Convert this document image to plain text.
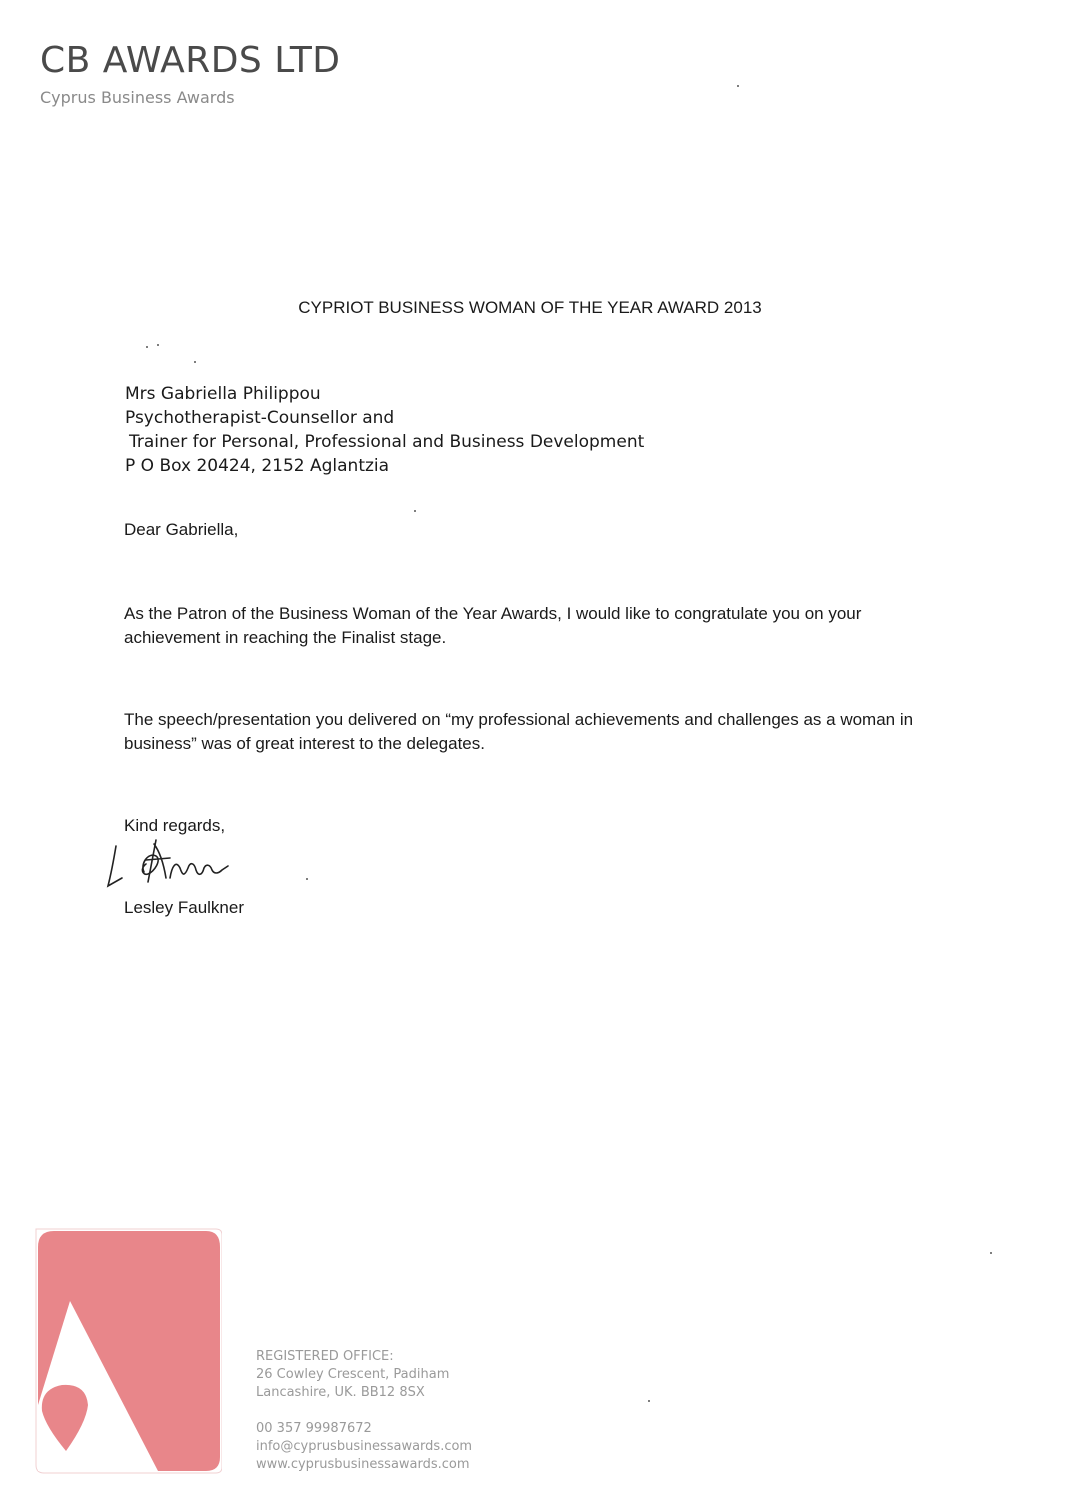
CB AWARDS LTD
Cyprus Business Awards
CYPRIOT BUSINESS WOMAN OF THE YEAR AWARD 2013
Mrs Gabriella Philippou
Psychotherapist-Counsellor and
Trainer for Personal, Professional and Business Development
P O Box 20424, 2152 Aglantzia
Dear Gabriella,
As the Patron of the Business Woman of the Year Awards, I would like to congratulate you on your achievement in reaching the Finalist stage.
The speech/presentation you delivered on “my professional achievements and challenges as a woman in business” was of great interest to the delegates.
Kind regards,
Lesley Faulkner
REGISTERED OFFICE:
26 Cowley Crescent, Padiham
Lancashire, UK. BB12 8SX
00 357 99987672
info@cyprusbusinessawards.com
www.cyprusbusinessawards.com
